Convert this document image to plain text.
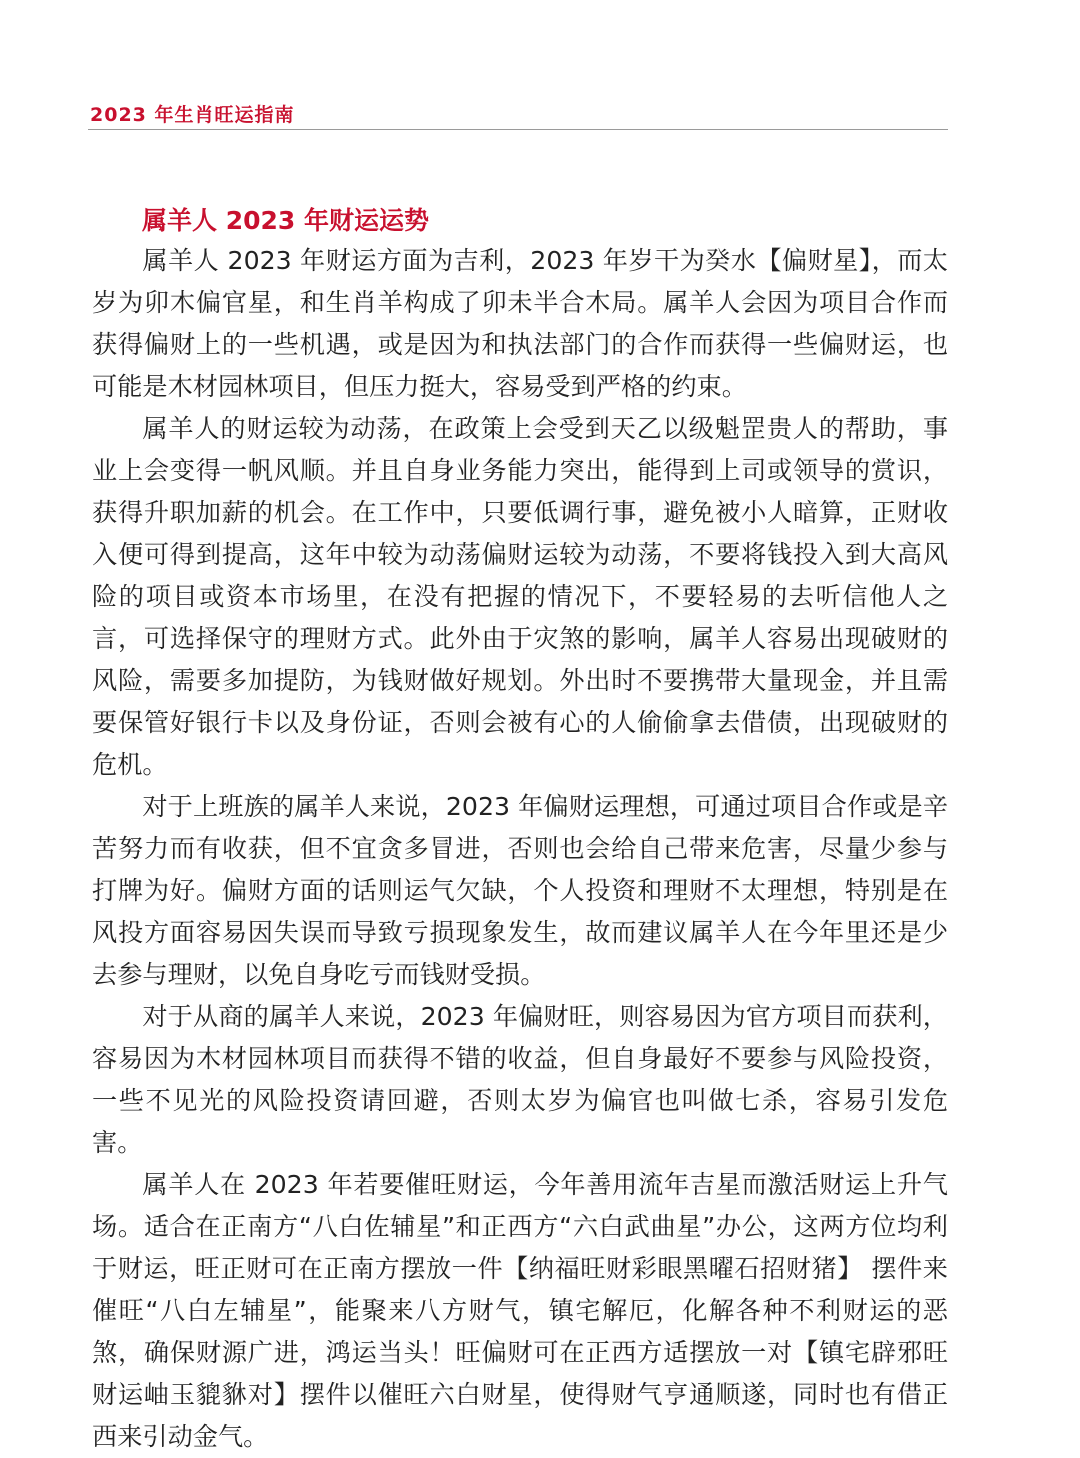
2023 年生肖旺运指南
属羊人 2023 年财运运势

属羊人 2023 年财运方面为吉利，2023 年岁干为癸水【偏财星】，而太岁为卯木偏官星，和生肖羊构成了卯未半合木局。属羊人会因为项目合作而获得偏财上的一些机遇，或是因为和执法部门的合作而获得一些偏财运，也可能是木材园林项目，但压力挺大，容易受到严格的约束。

属羊人的财运较为动荡，在政策上会受到天乙以级魁罡贵人的帮助，事业上会变得一帆风顺。并且自身业务能力突出，能得到上司或领导的赏识，获得升职加薪的机会。在工作中，只要低调行事，避免被小人暗算，正财收入便可得到提高，这年中较为动荡偏财运较为动荡，不要将钱投入到大高风险的项目或资本市场里，在没有把握的情况下，不要轻易的去听信他人之言，可选择保守的理财方式。此外由于灾煞的影响，属羊人容易出现破财的风险，需要多加提防，为钱财做好规划。外出时不要携带大量现金，并且需要保管好银行卡以及身份证，否则会被有心的人偷偷拿去借债，出现破财的危机。

对于上班族的属羊人来说，2023 年偏财运理想，可通过项目合作或是辛苦努力而有收获，但不宜贪多冒进，否则也会给自己带来危害，尽量少参与打牌为好。偏财方面的话则运气欠缺，个人投资和理财不太理想，特别是在风投方面容易因失误而导致亏损现象发生，故而建议属羊人在今年里还是少去参与理财，以免自身吃亏而钱财受损。

对于从商的属羊人来说，2023 年偏财旺，则容易因为官方项目而获利，容易因为木材园林项目而获得不错的收益，但自身最好不要参与风险投资，一些不见光的风险投资请回避，否则太岁为偏官也叫做七杀，容易引发危害。

属羊人在 2023 年若要催旺财运，今年善用流年吉星而激活财运上升气场。适合在正南方“八白佐辅星”和正西方“六白武曲星”办公，这两方位均利于财运，旺正财可在正南方摆放一件【纳福旺财彩眼黑曜石招财猪】 摆件来催旺“八白左辅星”，能聚来八方财气，镇宅解厄，化解各种不利财运的恶煞，确保财源广进，鸿运当头！旺偏财可在正西方适摆放一对【镇宅辟邪旺财运岫玉貔貅对】摆件以催旺六白财星，使得财气亨通顺遂，同时也有借正西来引动金气。
